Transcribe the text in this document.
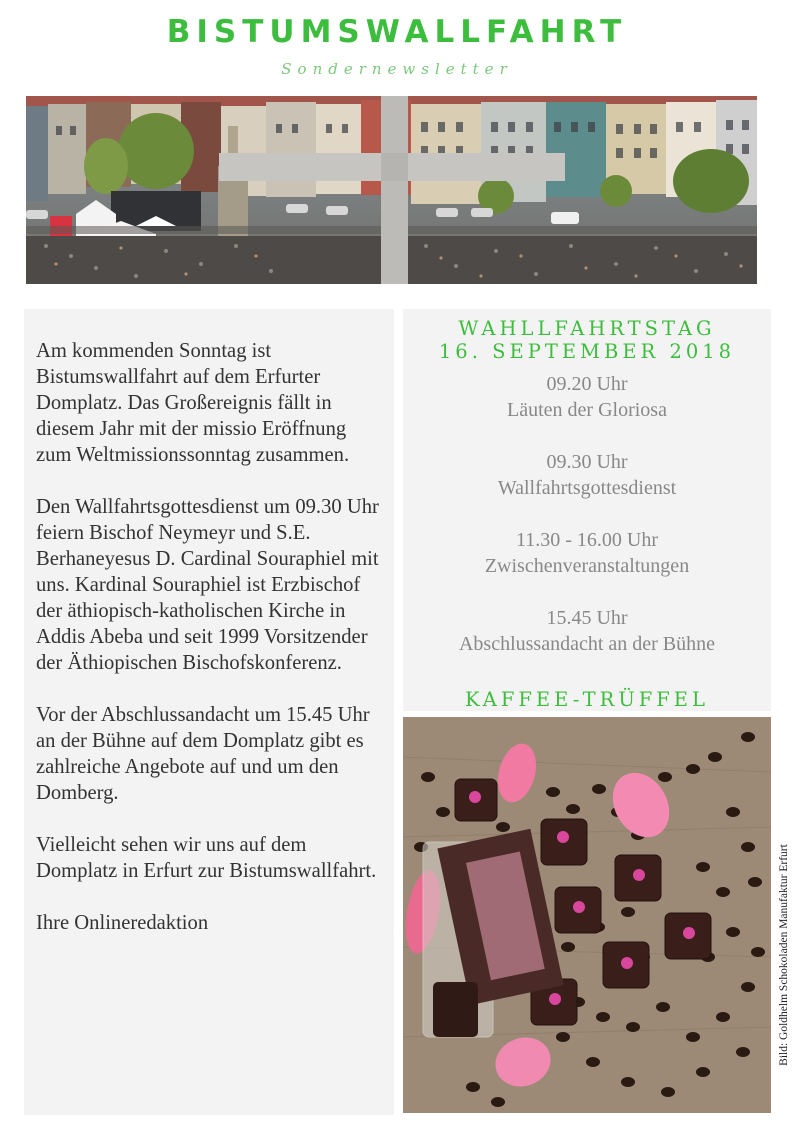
BISTUMSWALLFAHRT
Sondernewsletter

Am kommenden Sonntag ist Bistumswallfahrt auf dem Erfurter Domplatz. Das Großereignis fällt in diesem Jahr mit der missio Eröffnung zum Weltmissionssonntag zusammen.

Den Wallfahrtsgottesdienst um 09.30 Uhr feiern Bischof Neymeyr und S.E. Berhaneyesus D. Cardinal Souraphiel mit uns. Kardinal Souraphiel ist Erzbischof der äthiopisch-katholischen Kirche in Addis Abeba und seit 1999 Vorsitzender der Äthiopischen Bischofskonferenz.

Vor der Abschlussandacht um 15.45 Uhr an der Bühne auf dem Domplatz gibt es zahlreiche Angebote auf und um den Domberg.

Vielleicht sehen wir uns auf dem Domplatz in Erfurt zur Bistumswallfahrt.

Ihre Onlineredaktion

WAHLLFAHRTSTAG
16. SEPTEMBER 2018
09.20 Uhr
Läuten der Gloriosa
09.30 Uhr
Wallfahrtsgottesdienst
11.30 - 16.00 Uhr
Zwischenveranstaltungen
15.45 Uhr
Abschlussandacht an der Bühne
KAFFEE-TRÜFFEL
Bild: Goldhelm Schokoladen Manufaktur Erfurt
